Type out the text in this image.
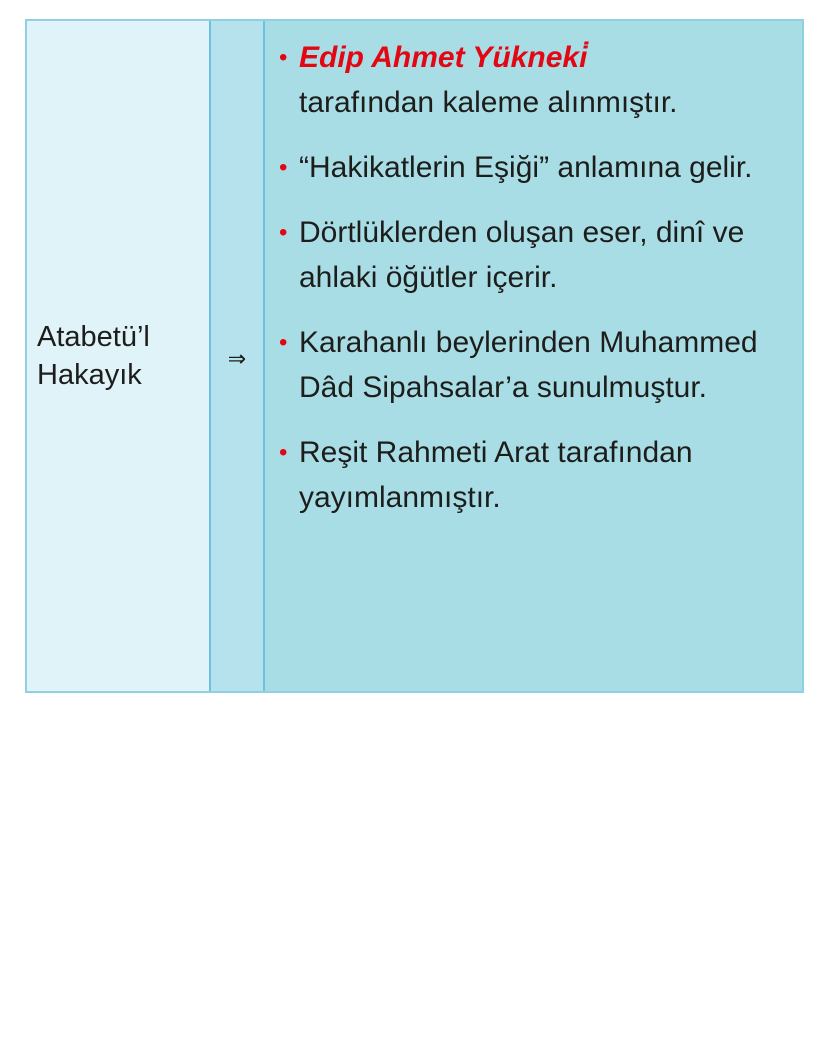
Atabetü’l
Hakayık
⇒
• Edip Ahmet Yükneki̇
tarafından kaleme alınmıştır.
• “Hakikatlerin Eşiği” anlamına gelir.
• Dörtlüklerden oluşan eser, dinî ve ahlaki öğütler içerir.
• Karahanlı beylerinden Muhammed Dâd Sipahsalar’a sunulmuştur.
• Reşit Rahmeti Arat tarafından yayımlanmıştır.
